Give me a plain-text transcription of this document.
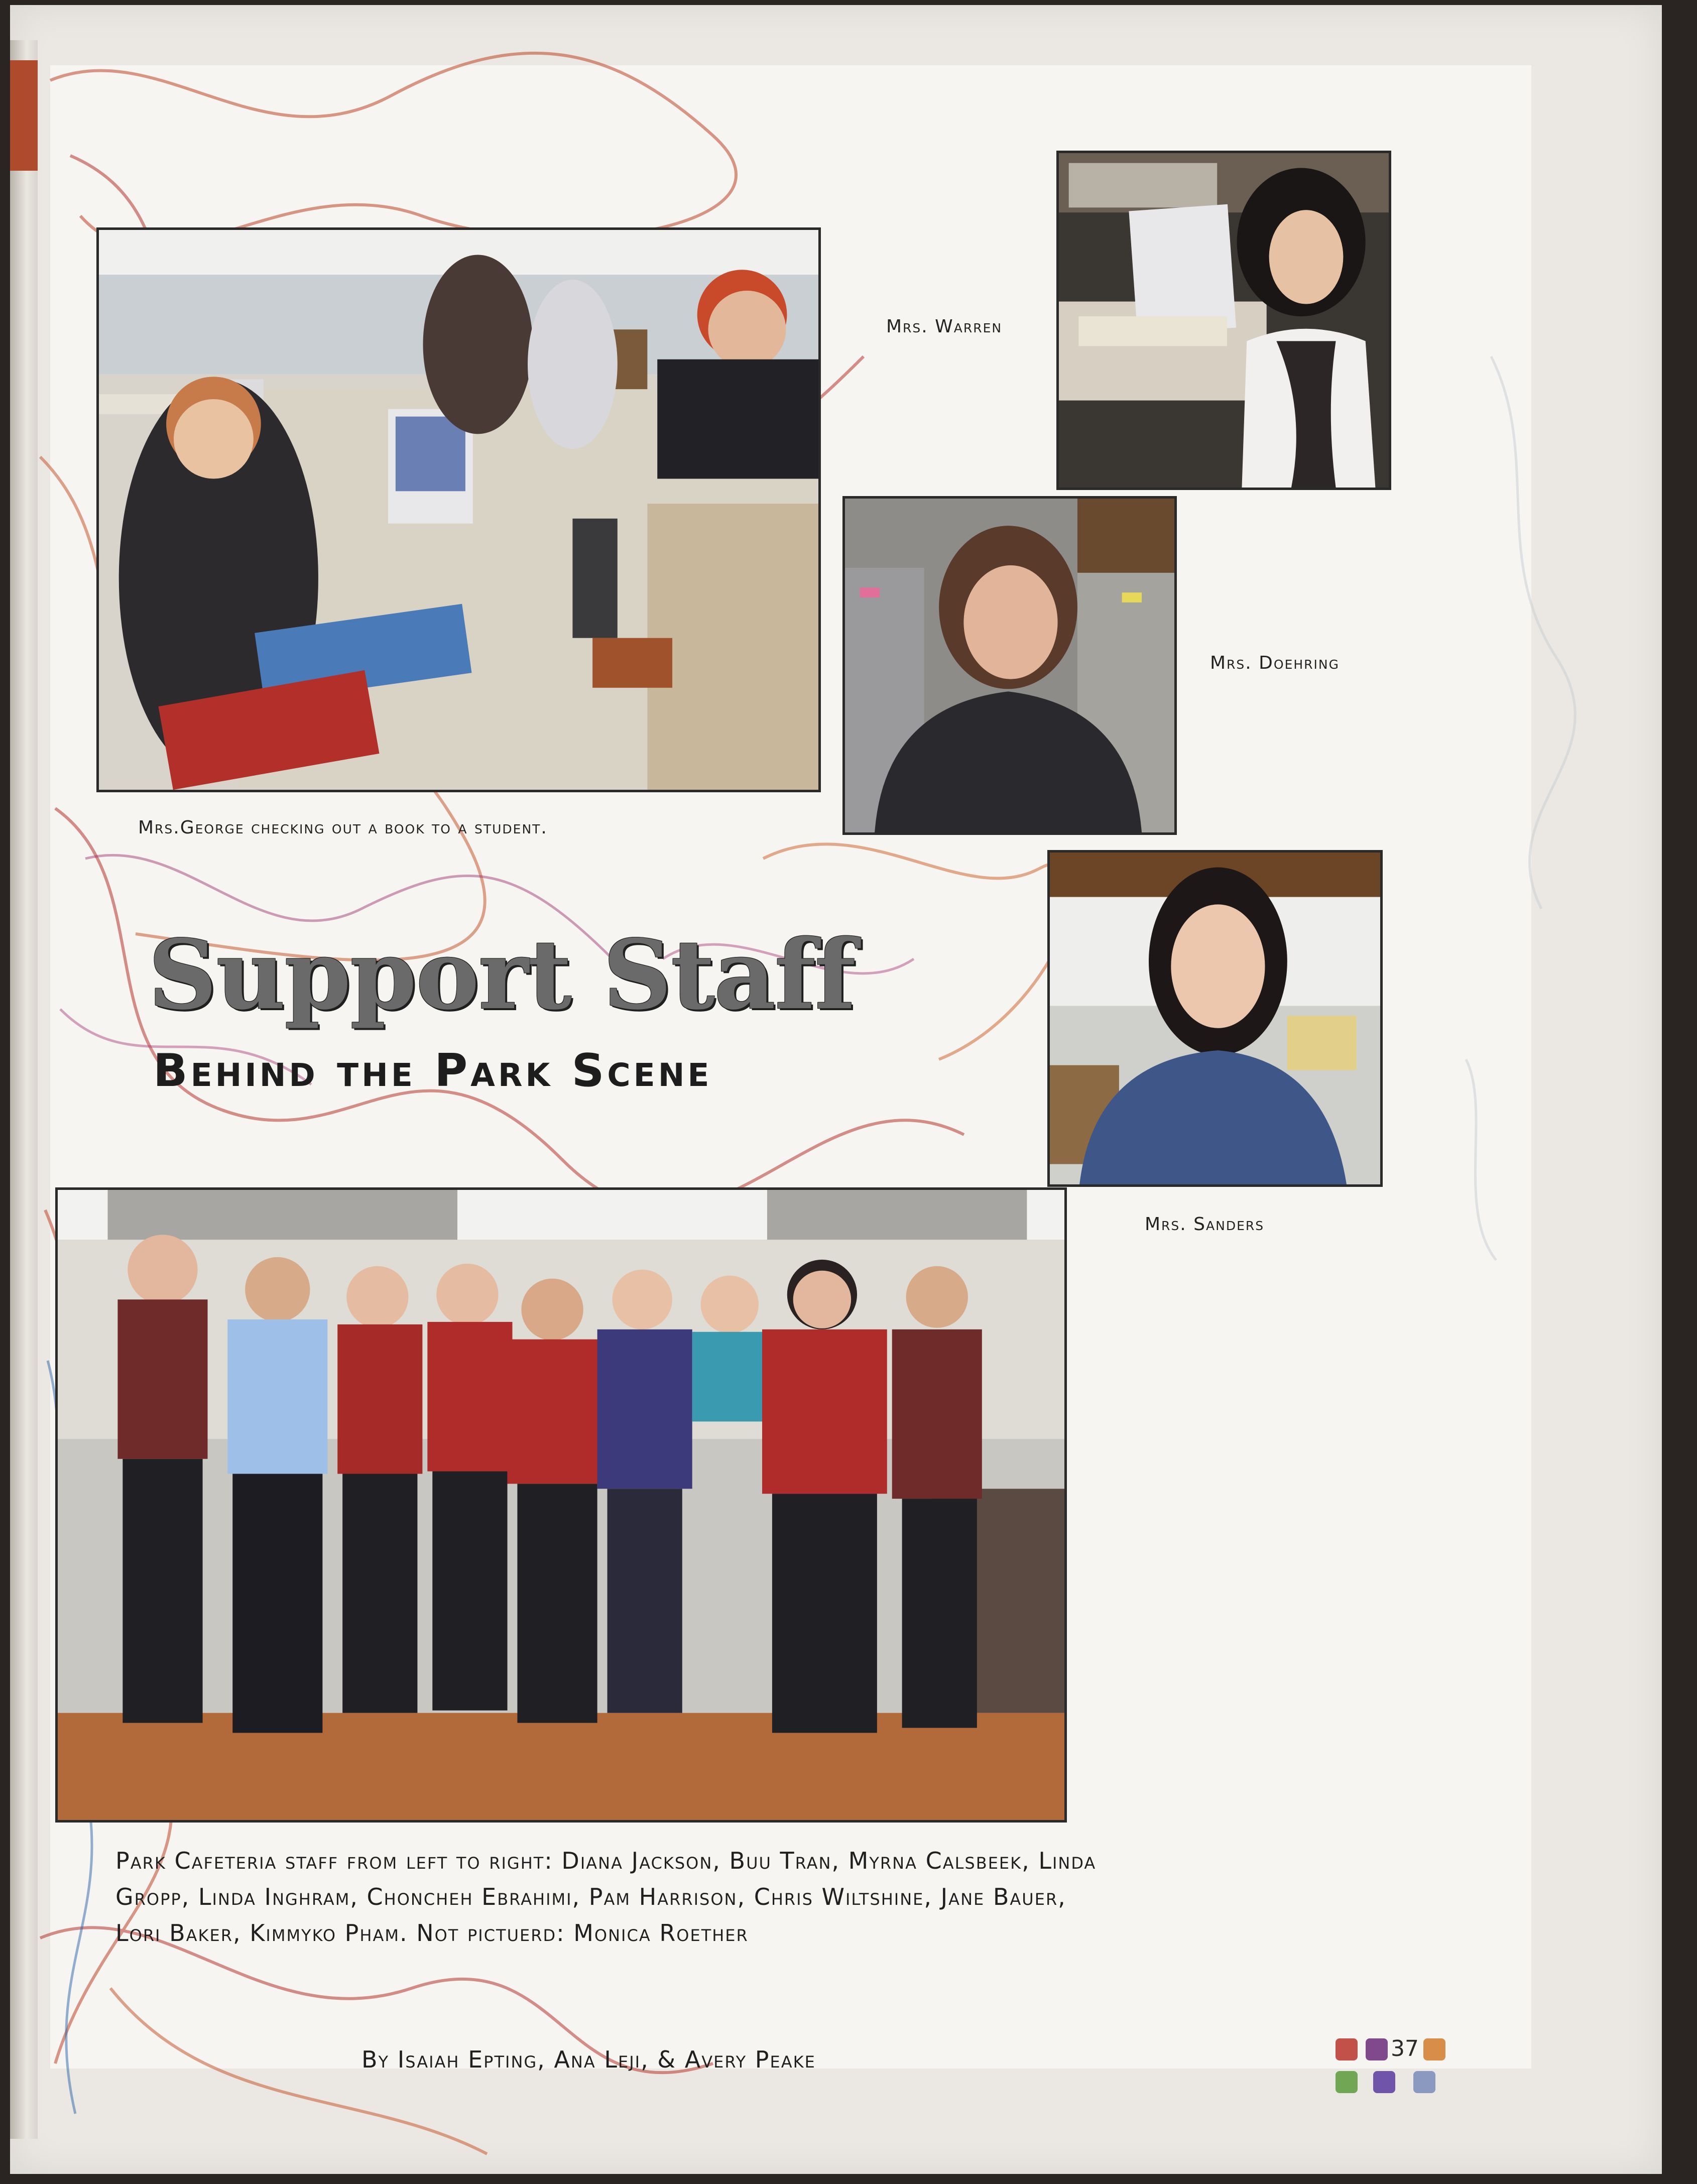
Mrs. Warren
Mrs. Doehring
Mrs.George checking out a book to a student.
Mrs. Sanders
Support Staff
Behind the Park Scene
Park Cafeteria staff from left to right: Diana Jackson, Buu Tran, Myrna Calsbeek, Linda Gropp, Linda Inghram, Choncheh Ebrahimi, Pam Harrison, Chris Wiltshine, Jane Bauer, Lori Baker, Kimmyko Pham. Not pictuerd: Monica Roether
By Isaiah Epting, Ana Leji, & Avery Peake	37
